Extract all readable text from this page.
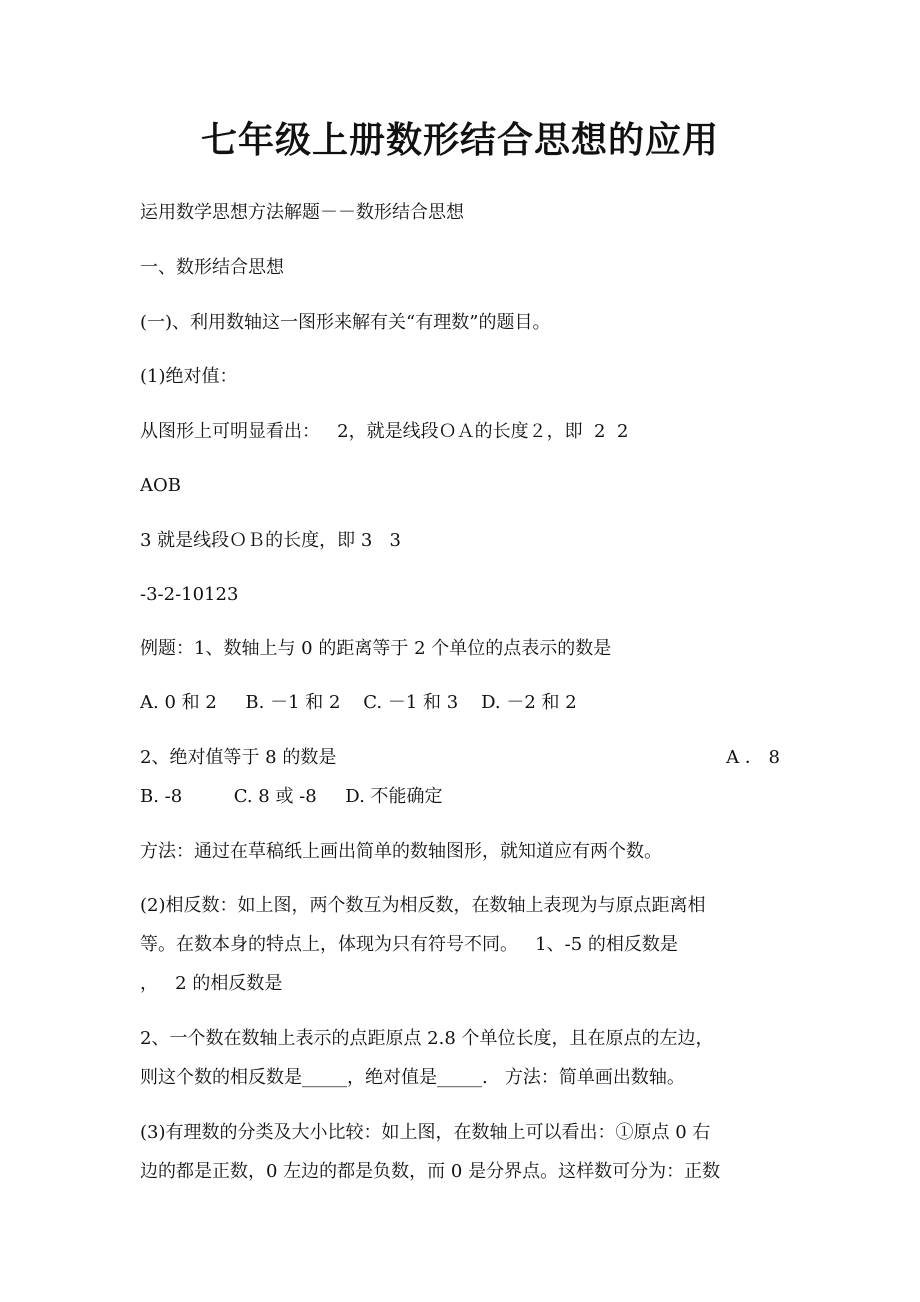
七年级上册数形结合思想的应用
运用数学思想方法解题－－数形结合思想
一、数形结合思想
(一)、利用数轴这一图形来解有关“有理数”的题目。
(1)绝对值：
从图形上可明显看出：   2，就是线段ＯＡ的长度２，即  2  2
AOB
3 就是线段ＯＢ的长度，即 3   3
-3-2-10123
例题：1、数轴上与 0 的距离等于 2 个单位的点表示的数是
A. 0 和 2     B. －1 和 2    C. －1 和 3    D. －2 和 2
2、绝对值等于 8 的数是	A ． 8
B. -8         C. 8 或 -8     D. 不能确定
方法：通过在草稿纸上画出简单的数轴图形，就知道应有两个数。
(2)相反数：如上图，两个数互为相反数，在数轴上表现为与原点距离相
等。在数本身的特点上，体现为只有符号不同。   1、-5 的相反数是
，   2 的相反数是
2、一个数在数轴上表示的点距原点 2.8 个单位长度，且在原点的左边，
则这个数的相反数是_____，绝对值是_____.   方法：简单画出数轴。
(3)有理数的分类及大小比较：如上图，在数轴上可以看出：①原点 0 右
边的都是正数，0 左边的都是负数，而 0 是分界点。这样数可分为：正数
